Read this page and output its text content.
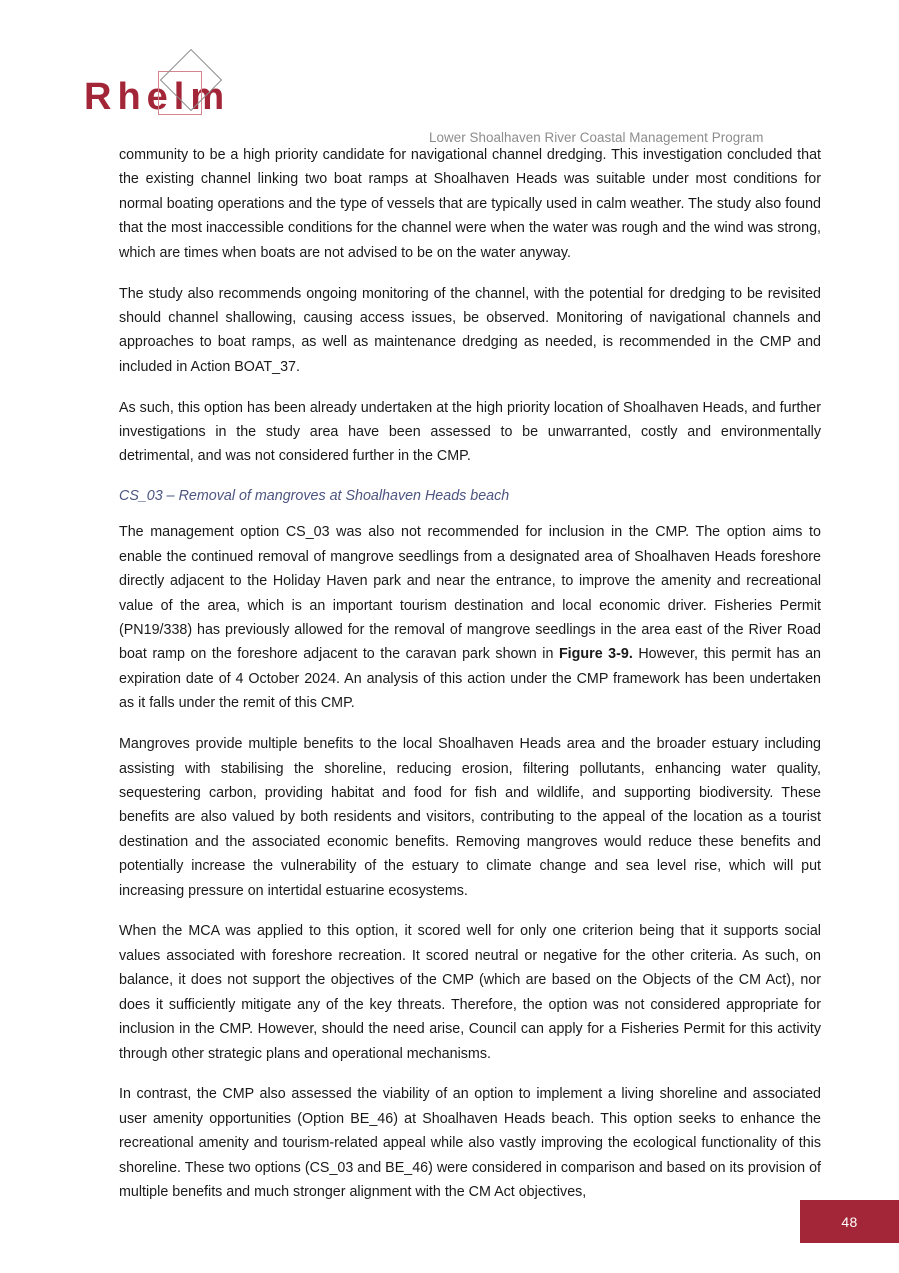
Rhelm
Lower Shoalhaven River Coastal Management Program

community to be a high priority candidate for navigational channel dredging. This investigation concluded that the existing channel linking two boat ramps at Shoalhaven Heads was suitable under most conditions for normal boating operations and the type of vessels that are typically used in calm weather. The study also found that the most inaccessible conditions for the channel were when the water was rough and the wind was strong, which are times when boats are not advised to be on the water anyway.

The study also recommends ongoing monitoring of the channel, with the potential for dredging to be revisited should channel shallowing, causing access issues, be observed. Monitoring of navigational channels and approaches to boat ramps, as well as maintenance dredging as needed, is recommended in the CMP and included in Action BOAT_37.

As such, this option has been already undertaken at the high priority location of Shoalhaven Heads, and further investigations in the study area have been assessed to be unwarranted, costly and environmentally detrimental, and was not considered further in the CMP.

CS_03 – Removal of mangroves at Shoalhaven Heads beach

The management option CS_03 was also not recommended for inclusion in the CMP. The option aims to enable the continued removal of mangrove seedlings from a designated area of Shoalhaven Heads foreshore directly adjacent to the Holiday Haven park and near the entrance, to improve the amenity and recreational value of the area, which is an important tourism destination and local economic driver. Fisheries Permit (PN19/338) has previously allowed for the removal of mangrove seedlings in the area east of the River Road boat ramp on the foreshore adjacent to the caravan park shown in Figure 3-9. However, this permit has an expiration date of 4 October 2024. An analysis of this action under the CMP framework has been undertaken as it falls under the remit of this CMP.

Mangroves provide multiple benefits to the local Shoalhaven Heads area and the broader estuary including assisting with stabilising the shoreline, reducing erosion, filtering pollutants, enhancing water quality, sequestering carbon, providing habitat and food for fish and wildlife, and supporting biodiversity. These benefits are also valued by both residents and visitors, contributing to the appeal of the location as a tourist destination and the associated economic benefits. Removing mangroves would reduce these benefits and potentially increase the vulnerability of the estuary to climate change and sea level rise, which will put increasing pressure on intertidal estuarine ecosystems.

When the MCA was applied to this option, it scored well for only one criterion being that it supports social values associated with foreshore recreation. It scored neutral or negative for the other criteria. As such, on balance, it does not support the objectives of the CMP (which are based on the Objects of the CM Act), nor does it sufficiently mitigate any of the key threats. Therefore, the option was not considered appropriate for inclusion in the CMP. However, should the need arise, Council can apply for a Fisheries Permit for this activity through other strategic plans and operational mechanisms.

In contrast, the CMP also assessed the viability of an option to implement a living shoreline and associated user amenity opportunities (Option BE_46) at Shoalhaven Heads beach. This option seeks to enhance the recreational amenity and tourism-related appeal while also vastly improving the ecological functionality of this shoreline. These two options (CS_03 and BE_46) were considered in comparison and based on its provision of multiple benefits and much stronger alignment with the CM Act objectives,

48
